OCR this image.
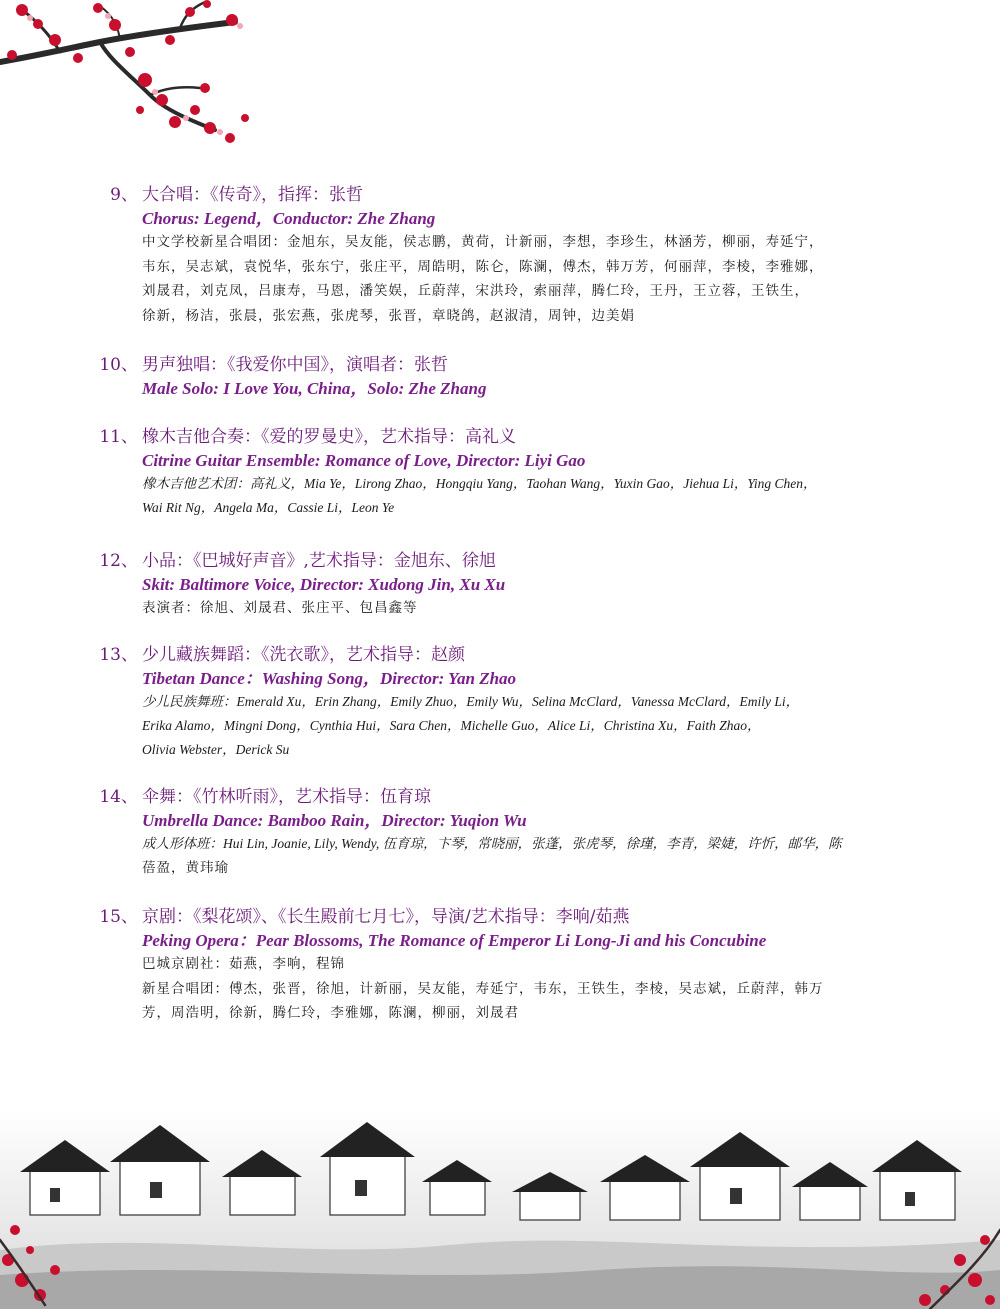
9、 大合唱：《传奇》，指挥：张哲
Chorus: Legend，Conductor: Zhe Zhang
中文学校新星合唱团：金旭东，吴友能，侯志鹏，黄荷，计新丽，李想，李珍生，林涵芳，柳丽，寿延宁，
韦东，吴志斌，袁悦华，张东宁，张庄平，周皓明，陈仑，陈澜，傅杰，韩万芳，何丽萍，李棱，李雅娜，
刘晟君，刘克凤，吕康寿，马恩，潘笑娱，丘蔚萍，宋洪玲，索丽萍，腾仁玲，王丹，王立蓉，王铁生，
徐新，杨洁，张晨，张宏燕，张虎琴，张晋，章晓鸽，赵淑清，周钟，边美娟
10、 男声独唱：《我爱你中国》，演唱者：张哲
Male Solo: I Love You, China，Solo: Zhe Zhang
11、 橡木吉他合奏：《爱的罗曼史》，艺术指导：高礼义
Citrine Guitar Ensemble: Romance of Love, Director: Liyi Gao
橡木吉他艺术团：高礼义，Mia Ye，Lirong Zhao，Hongqiu Yang，Taohan Wang，Yuxin Gao，Jiehua Li，Ying Chen，
Wai Rit Ng，Angela Ma，Cassie Li，Leon Ye
12、 小品：《巴城好声音》,艺术指导：金旭东、徐旭
Skit: Baltimore Voice, Director: Xudong Jin, Xu Xu
表演者：徐旭、刘晟君、张庄平、包昌鑫等
13、 少儿藏族舞蹈：《洗衣歌》，艺术指导：赵颜
Tibetan Dance：Washing Song，Director: Yan Zhao
少儿民族舞班：Emerald Xu，Erin Zhang，Emily Zhuo，Emily Wu，Selina McClard，Vanessa McClard，Emily Li，
Erika Alamo，Mingni Dong，Cynthia Hui，Sara Chen，Michelle Guo，Alice Li，Christina Xu，Faith Zhao，
Olivia Webster，Derick Su
14、 伞舞：《竹林听雨》，艺术指导：伍育琼
Umbrella Dance: Bamboo Rain，Director: Yuqion Wu
成人形体班：Hui Lin, Joanie, Lily, Wendy, 伍育琼，卞琴，常晓丽，张蓬，张虎琴，徐瑾，李青，梁婕，许忻，邮华，陈
蓓盈，黄玮瑜
15、 京剧：《梨花颂》、《长生殿前七月七》，导演/艺术指导：李响/茹燕
Peking Opera：Pear Blossoms, The Romance of Emperor Li Long-Ji and his Concubine
巴城京剧社：茹燕，李响，程锦
新星合唱团：傅杰，张晋，徐旭，计新丽，吴友能，寿延宁，韦东，王铁生，李棱，吴志斌，丘蔚萍，韩万
芳，周浩明，徐新，腾仁玲，李雅娜，陈澜，柳丽，刘晟君
